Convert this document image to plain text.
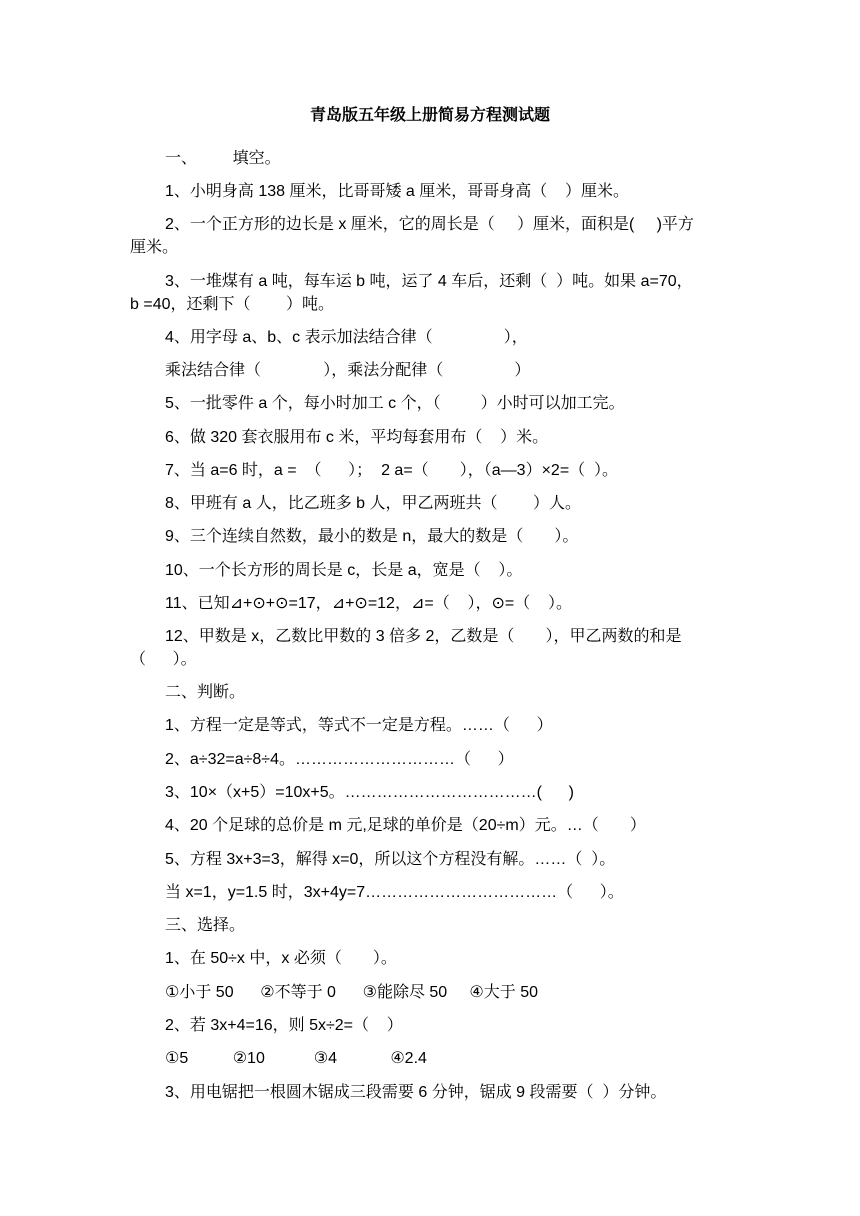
青岛版五年级上册简易方程测试题
一、        填空。
1、小明身高 138 厘米，比哥哥矮 a 厘米，哥哥身高（    ）厘米。
2、一个正方形的边长是 x 厘米，它的周长是（     ）厘米，面积是(     )平方
厘米。
3、一堆煤有 a 吨，每车运 b 吨，运了 4 车后，还剩（  ）吨。如果 a=70，
b =40，还剩下（        ）吨。
4、用字母 a、b、c 表示加法结合律（                ），
乘法结合律（              ），乘法分配律（                ）
5、一批零件 a 个，每小时加工 c 个，（         ）小时可以加工完。
6、做 320 套衣服用布 c 米，平均每套用布（    ）米。
7、当 a=6 时，a =  （      ）；  2 a=（       ），（a—3）×2=（  ）。
8、甲班有 a 人，比乙班多 b 人，甲乙两班共（        ）人。
9、三个连续自然数，最小的数是 n，最大的数是（       ）。
10、一个长方形的周长是 c，长是 a，宽是（    ）。
11、已知⊿+⊙+⊙=17，⊿+⊙=12，⊿=（    ），⊙=（    ）。
12、甲数是 x，乙数比甲数的 3 倍多 2，乙数是（       ），甲乙两数的和是
（      ）。
二、判断。
1、方程一定是等式，等式不一定是方程。……（      ）
2、a÷32=a÷8÷4。…………………………（      ）
3、10×（x+5）=10x+5。………………………………(      )
4、20 个足球的总价是 m 元,足球的单价是（20÷m）元。…（       ）
5、方程 3x+3=3，解得 x=0，所以这个方程没有解。……（  ）。
当 x=1，y=1.5 时，3x+4y=7………………………………（      ）。
三、选择。
1、在 50÷x 中，x 必须（       ）。
①小于 50      ②不等于 0      ③能除尽 50     ④大于 50
2、若 3x+4=16，则 5x÷2=（    ）
①5          ②10           ③4            ④2.4
3、用电锯把一根圆木锯成三段需要 6 分钟，锯成 9 段需要（  ）分钟。
